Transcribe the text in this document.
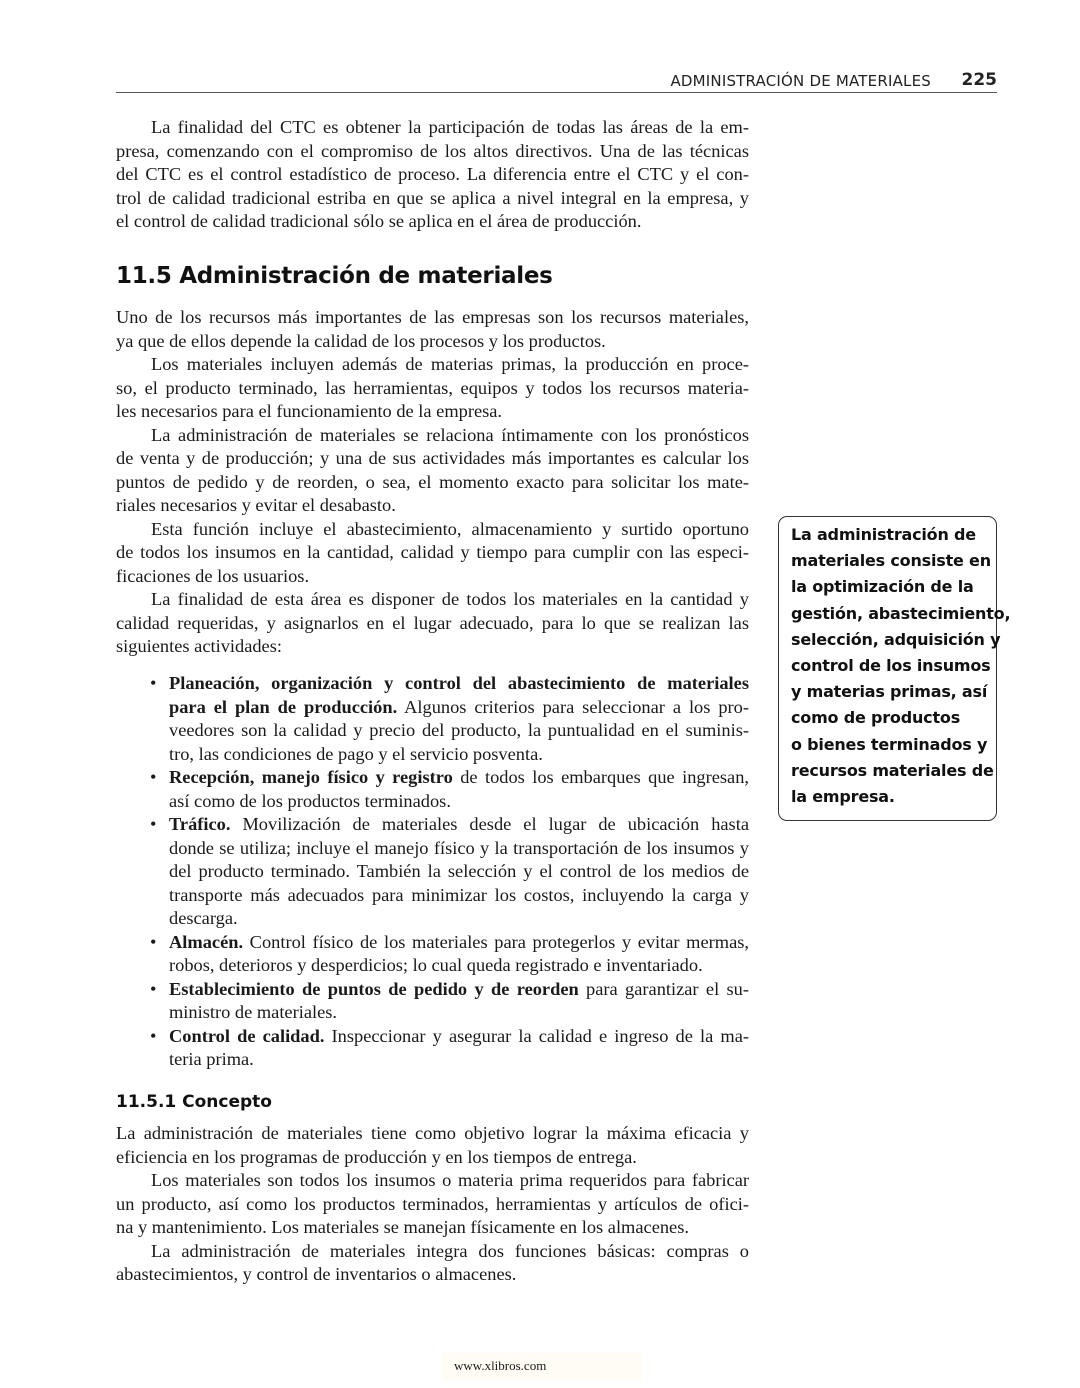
ADMINISTRACIÓN DE MATERIALES 225
La finalidad del CTC es obtener la participación de todas las áreas de la em-
presa, comenzando con el compromiso de los altos directivos. Una de las técnicas
del CTC es el control estadístico de proceso. La diferencia entre el CTC y el con-
trol de calidad tradicional estriba en que se aplica a nivel integral en la empresa, y
el control de calidad tradicional sólo se aplica en el área de producción.
11.5 Administración de materiales
Uno de los recursos más importantes de las empresas son los recursos materiales,
ya que de ellos depende la calidad de los procesos y los productos.
Los materiales incluyen además de materias primas, la producción en proce-
so, el producto terminado, las herramientas, equipos y todos los recursos materia-
les necesarios para el funcionamiento de la empresa.
La administración de materiales se relaciona íntimamente con los pronósticos
de venta y de producción; y una de sus actividades más importantes es calcular los
puntos de pedido y de reorden, o sea, el momento exacto para solicitar los mate-
riales necesarios y evitar el desabasto.
Esta función incluye el abastecimiento, almacenamiento y surtido oportuno
de todos los insumos en la cantidad, calidad y tiempo para cumplir con las especi-
ficaciones de los usuarios.
La finalidad de esta área es disponer de todos los materiales en la cantidad y
calidad requeridas, y asignarlos en el lugar adecuado, para lo que se realizan las
siguientes actividades:
• Planeación, organización y control del abastecimiento de materiales
para el plan de producción. Algunos criterios para seleccionar a los pro-
veedores son la calidad y precio del producto, la puntualidad en el suminis-
tro, las condiciones de pago y el servicio posventa.
• Recepción, manejo físico y registro de todos los embarques que ingresan,
así como de los productos terminados.
• Tráfico. Movilización de materiales desde el lugar de ubicación hasta
donde se utiliza; incluye el manejo físico y la transportación de los insumos y
del producto terminado. También la selección y el control de los medios de
transporte más adecuados para minimizar los costos, incluyendo la carga y
descarga.
• Almacén. Control físico de los materiales para protegerlos y evitar mermas,
robos, deterioros y desperdicios; lo cual queda registrado e inventariado.
• Establecimiento de puntos de pedido y de reorden para garantizar el su-
ministro de materiales.
• Control de calidad. Inspeccionar y asegurar la calidad e ingreso de la ma-
teria prima.
11.5.1 Concepto
La administración de materiales tiene como objetivo lograr la máxima eficacia y
eficiencia en los programas de producción y en los tiempos de entrega.
Los materiales son todos los insumos o materia prima requeridos para fabricar
un producto, así como los productos terminados, herramientas y artículos de ofici-
na y mantenimiento. Los materiales se manejan físicamente en los almacenes.
La administración de materiales integra dos funciones básicas: compras o
abastecimientos, y control de inventarios o almacenes.
La administración de
materiales consiste en
la optimización de la
gestión, abastecimiento,
selección, adquisición y
control de los insumos
y materias primas, así
como de productos
o bienes terminados y
recursos materiales de
la empresa.
www.xlibros.com
